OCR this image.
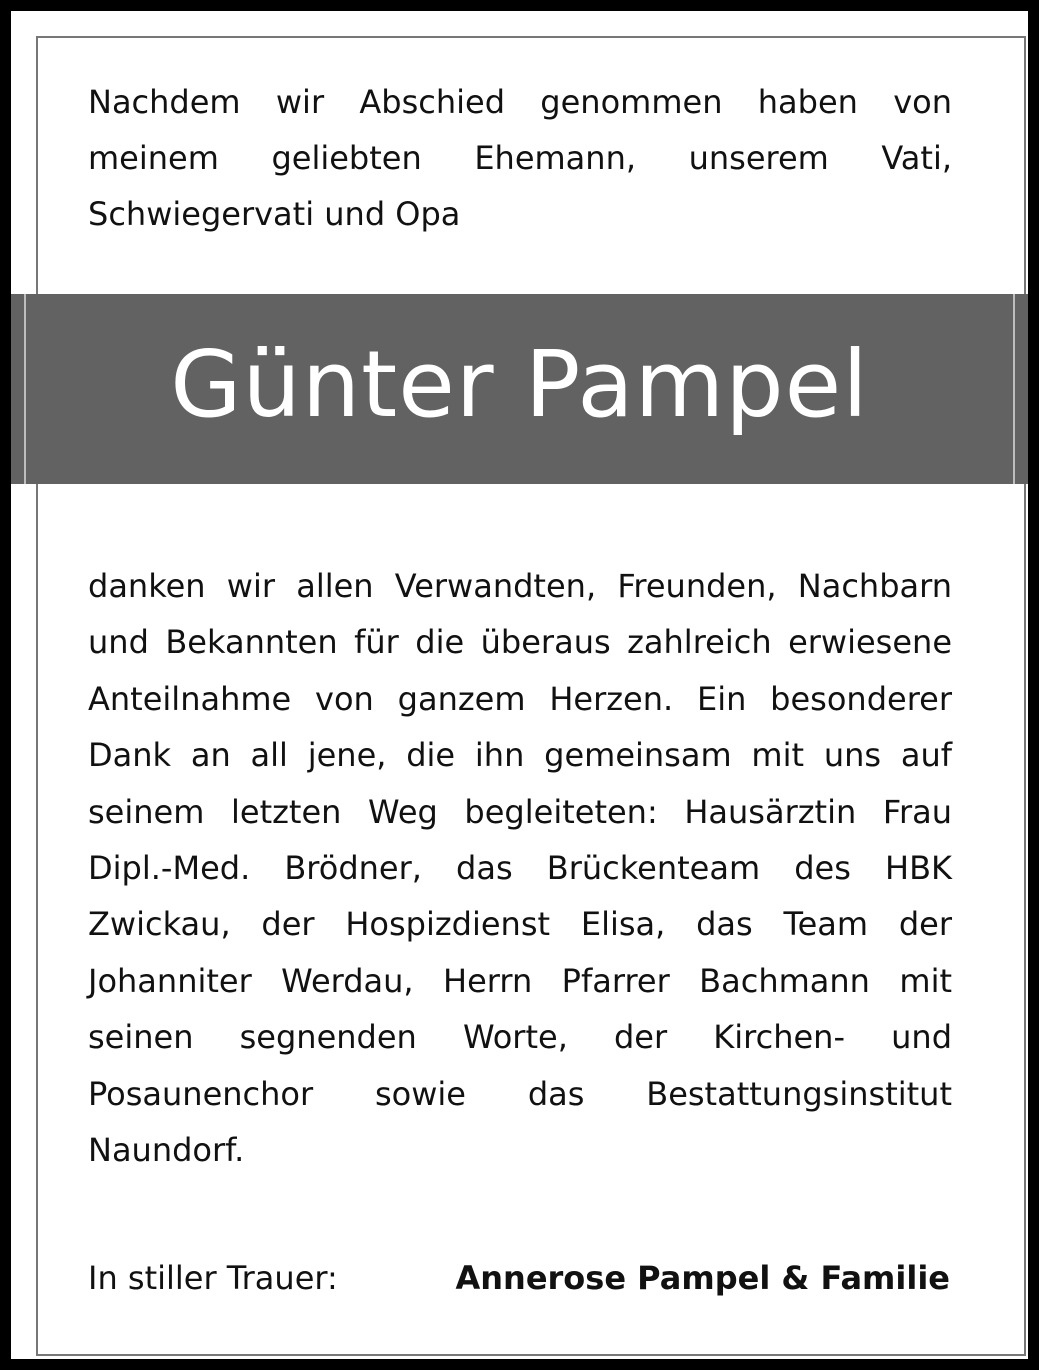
Nachdem wir Abschied genommen haben von meinem geliebten Ehemann, unserem Vati, Schwiegervati und Opa

Günter Pampel

danken wir allen Verwandten, Freunden, Nachbarn und Bekannten für die überaus zahlreich erwiesene Anteilnahme von ganzem Herzen. Ein besonderer Dank an all jene, die ihn gemeinsam mit uns auf seinem letzten Weg begleiteten: Hausärztin Frau Dipl.-Med. Brödner, das Brückenteam des HBK Zwickau, der Hospizdienst Elisa, das Team der Johanniter Werdau, Herrn Pfarrer Bachmann mit seinen segnenden Worte, der Kirchen- und Posaunenchor sowie das Bestattungsinstitut Naundorf.

In stiller Trauer:	Annerose Pampel & Familie
